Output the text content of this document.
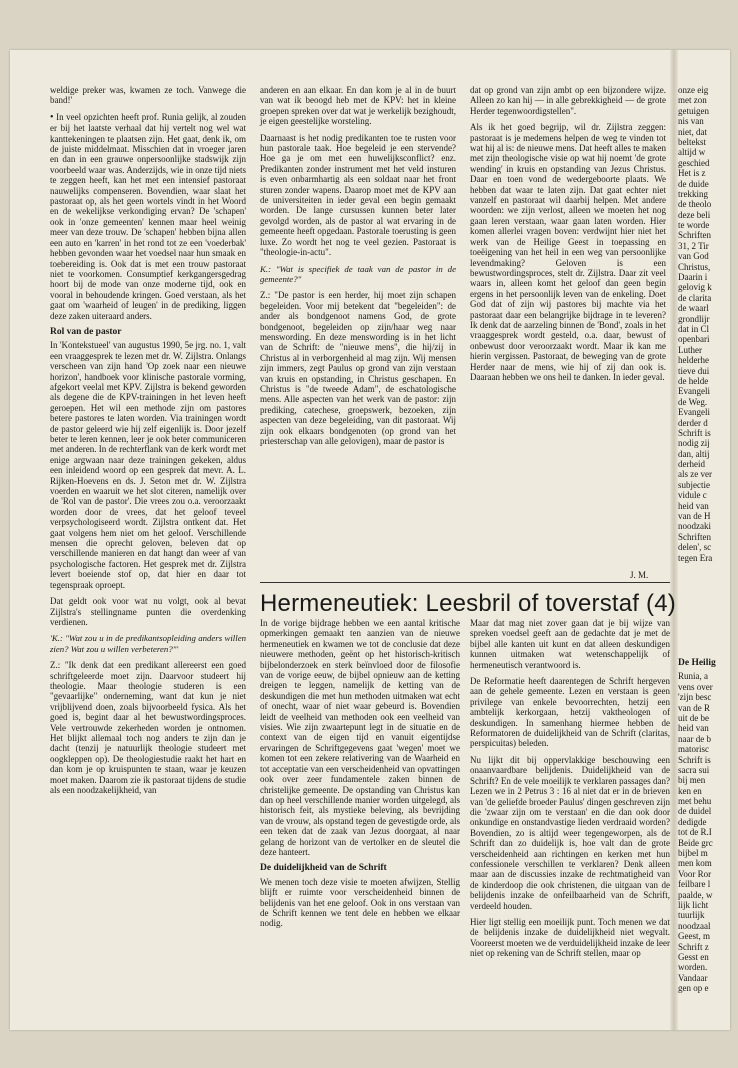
weldige preker was, kwamen ze toch. Vanwege die band!'

• In veel opzichten heeft prof. Runia gelijk, al zouden er bij het laatste verhaal dat hij vertelt nog wel wat kanttekeningen te plaatsen zijn. Het gaat, denk ik, om de juiste middelmaat. Misschien dat in vroeger jaren en dan in een grauwe onpersoonlijke stadswijk zijn voorbeeld waar was. Anderzijds, wie in onze tijd niets te zeggen heeft, kan het met een intensief pastoraat nauwelijks compenseren. Bovendien, waar slaat het pastoraat op, als het geen wortels vindt in het Woord en de wekelijkse verkondiging ervan? De 'schapen' ook in 'onze gemeenten' kennen maar heel weinig meer van deze trouw. De 'schapen' hebben bijna allen een auto en 'karren' in het rond tot ze een 'voederbak' hebben gevonden waar het voedsel naar hun smaak en toebereiding is. Ook dat is met een trouw pastoraat niet te voorkomen. Consumptief kerkgangersgedrag hoort bij de mode van onze moderne tijd, ook en vooral in behoudende kringen. Goed verstaan, als het gaat om 'waarheid of leugen' in de prediking, liggen deze zaken uiteraard anders.

Rol van de pastor

In 'Kontekstueel' van augustus 1990, 5e jrg. no. 1, valt een vraaggesprek te lezen met dr. W. Zijlstra. Onlangs verscheen van zijn hand 'Op zoek naar een nieuwe horizon', handboek voor klinische pastorale vorming, afgekort veelal met KPV. Zijlstra is bekend geworden als degene die de KPV-trainingen in het leven heeft geroepen. Het wil een methode zijn om pastores betere pastores te laten worden. Via trainingen wordt de pastor geleerd wie hij zelf eigenlijk is. Door jezelf beter te leren kennen, leer je ook beter communiceren met anderen. In de rechterflank van de kerk wordt met enige argwaan naar deze trainingen gekeken, aldus een inleidend woord op een gesprek dat mevr. A. L. Rijken-Hoevens en ds. J. Seton met dr. W. Zijlstra voerden en waaruit we het slot citeren, namelijk over de 'Rol van de pastor'. Die vrees zou o.a. veroorzaakt worden door de vrees, dat het geloof teveel verpsychologiseerd wordt. Zijlstra ontkent dat. Het gaat volgens hem niet om het geloof. Verschillende mensen die oprecht geloven, beleven dat op verschillende manieren en dat hangt dan weer af van psychologische factoren. Het gesprek met dr. Zijlstra levert boeiende stof op, dat hier en daar tot tegenspraak oproept.

Dat geldt ook voor wat nu volgt, ook al bevat Zijlstra's stellingname punten die overdenking verdienen.

'K.: "Wat zou u in de predikantsopleiding anders willen zien? Wat zou u willen verbeteren?"'

Z.: "Ik denk dat een predikant allereerst een goed schriftgeleerde moet zijn. Daarvoor studeert hij theologie. Maar theologie studeren is een "gevaarlijke" onderneming, want dat kun je niet vrijblijvend doen, zoals bijvoorbeeld fysica. Als het goed is, begint daar al het bewustwordingsproces. Vele vertrouwde zekerheden worden je ontnomen. Het blijkt allemaal toch nog anders te zijn dan je dacht (tenzij je natuurlijk theologie studeert met oogkleppen op). De theologiestudie raakt het hart en dan kom je op kruispunten te staan, waar je keuzen moet maken. Daarom zie ik pastoraat tijdens de studie als een noodzakelijkheid, van

anderen en aan elkaar. En dan kom je al in de buurt van wat ik beoogd heb met de KPV: het in kleine groepen spreken over dat wat je werkelijk bezighoudt, je eigen geestelijke worsteling.

Daarnaast is het nodig predikanten toe te rusten voor hun pastorale taak. Hoe begeleid je een stervende? Hoe ga je om met een huwelijksconflict? enz. Predikanten zonder instrument met het veld insturen is even onbarmhartig als een soldaat naar het front sturen zonder wapens. Daarop moet met de KPV aan de universiteiten in ieder geval een begin gemaakt worden. De lange cursussen kunnen beter later gevolgd worden, als de pastor al wat ervaring in de gemeente heeft opgedaan. Pastorale toerusting is geen luxe. Zo wordt het nog te veel gezien. Pastoraat is "theologie-in-actu".

K.: "Wat is specifiek de taak van de pastor in de gemeente?"

Z.: "De pastor is een herder, hij moet zijn schapen begeleiden. Voor mij betekent dat "begeleiden": de ander als bondgenoot namens God, de grote bondgenoot, begeleiden op zijn/haar weg naar menswording. En deze menswording is in het licht van de Schrift: de "nieuwe mens", die hij/zij in Christus al in verborgenheid al mag zijn. Wij mensen zijn immers, zegt Paulus op grond van zijn verstaan van kruis en opstanding, in Christus geschapen. En Christus is "de tweede Adam", de eschatologische mens. Alle aspecten van het werk van de pastor: zijn prediking, catechese, groepswerk, bezoeken, zijn aspecten van deze begeleiding, van dit pastoraat. Wij zijn ook elkaars bondgenoten (op grond van het priesterschap van alle gelovigen), maar de pastor is

dat op grond van zijn ambt op een bijzondere wijze. Alleen zo kan hij — in alle gebrekkigheid — de grote Herder tegenwoordigstellen".

Als ik het goed begrijp, wil dr. Zijlstra zeggen: pastoraat is je medemens helpen de weg te vinden tot wat hij al is: de nieuwe mens. Dat heeft alles te maken met zijn theologische visie op wat hij noemt 'de grote wending' in kruis en opstanding van Jezus Christus. Daar en toen vond de wedergeboorte plaats. We hebben dat waar te laten zijn. Dat gaat echter niet vanzelf en pastoraat wil daarbij helpen. Met andere woorden: we zijn verlost, alleen we moeten het nog gaan leren verstaan, waar gaan laten worden. Hier komen allerlei vragen boven: verdwijnt hier niet het werk van de Heilige Geest in toepassing en toeëigening van het heil in een weg van persoonlijke levendmaking? Geloven is een bewustwordingsproces, stelt dr. Zijlstra. Daar zit veel waars in, alleen komt het geloof dan geen begin ergens in het persoonlijk leven van de enkeling. Doet God dat of zijn wij pastores bij machte via het pastoraat daar een belangrijke bijdrage in te leveren? Ik denk dat de aarzeling binnen de 'Bond', zoals in het vraaggesprek wordt gesteld, o.a. daar, bewust of onbewust door veroorzaakt wordt. Maar ik kan me hierin vergissen. Pastoraat, de beweging van de grote Herder naar de mens, wie hij of zij dan ook is. Daaraan hebben we ons heil te danken. In ieder geval.

J. M.
Hermeneutiek: Leesbril of toverstaf (4)

In de vorige bijdrage hebben we een aantal kritische opmerkingen gemaakt ten aanzien van de nieuwe hermeneutiek en kwamen we tot de conclusie dat deze nieuwere methoden, geënt op het historisch-kritisch bijbelonderzoek en sterk beïnvloed door de filosofie van de vorige eeuw, de bijbel opnieuw aan de ketting dreigen te leggen, namelijk de ketting van de deskundigen die met hun methoden uitmaken wat echt of onecht, waar of niet waar gebeurd is. Bovendien leidt de veelheid van methoden ook een veelheid van visies. Wie zijn zwaartepunt legt in de situatie en de context van de eigen tijd en vanuit eigentijdse ervaringen de Schriftgegevens gaat 'wegen' moet we komen tot een zekere relativering van de Waarheid en tot acceptatie van een verscheidenheid van opvattingen ook over zeer fundamentele zaken binnen de christelijke gemeente. De opstanding van Christus kan dan op heel verschillende manier worden uitgelegd, als historisch feit, als mystieke beleving, als bevrijding van de vrouw, als opstand tegen de gevestigde orde, als een teken dat de zaak van Jezus doorgaat, al naar gelang de horizont van de vertolker en de sleutel die deze hanteert.

De duidelijkheid van de Schrift

We menen toch deze visie te moeten afwijzen, Stellig blijft er ruimte voor verscheidenheid binnen de belijdenis van het ene geloof. Ook in ons verstaan van de Schrift kennen we tent dele en hebben we elkaar nodig.

Maar dat mag niet zover gaan dat je bij wijze van spreken voedsel geeft aan de gedachte dat je met de bijbel alle kanten uit kunt en dat alleen deskundigen kunnen uitmaken wat wetenschappelijk of hermeneutisch verantwoord is.

De Reformatie heeft daarentegen de Schrift hergeven aan de gehele gemeente. Lezen en verstaan is geen privilege van enkele bevoorrechten, hetzij een ambtelijk kerkorgaan, hetzij vaktheologen of deskundigen. In samenhang hiermee hebben de Reformatoren de duidelijkheid van de Schrift (claritas, perspicuitas) beleden.

Nu lijkt dit bij oppervlakkige beschouwing een onaanvaardbare belijdenis. Duidelijkheid van de Schrift? En de vele moeilijk te verklaren passages dan? Lezen we in 2 Petrus 3 : 16 al niet dat er in de brieven van 'de geliefde broeder Paulus' dingen geschreven zijn die 'zwaar zijn om te verstaan' en die dan ook door onkundige en onstandvastige lieden verdraaid worden? Bovendien, zo is altijd weer tegengeworpen, als de Schrift dan zo duidelijk is, hoe valt dan de grote verscheidenheid aan richtingen en kerken met hun confessionele verschillen te verklaren? Denk alleen maar aan de discussies inzake de rechtmatigheid van de kinderdoop die ook christenen, die uitgaan van de belijdenis inzake de onfeilbaarheid van de Schrift, verdeeld houden.

Hier ligt stellig een moeilijk punt. Toch menen we dat de belijdenis inzake de duidelijkheid niet wegvalt. Vooreerst moeten we de verduidelijkheid inzake de leer niet op rekening van de Schrift stellen, maar op

onze eig
met zon
getuigen
nis van
niet, dat
beltekst
altijd w
geschied
Het is z
de duide
trekking
de theolo
deze beli
te worde
Schriften
31, 2 Tir
van God
Christus,
Daarin i
gelovig k
de clarita
de waarl
grondlijr
dat in Cl
openbari
Luther
helderhe
tieve dui
de helde
Evangeli
de Weg.
Evangeli
derder d
Schrift is
nodig zij
dan, altij
derheid
als ze ver
subjectie
vidule c
heid van
van de H
noodzaki
Schriften
delen', sc
tegen Era
De Heilig
Runia, a
vens over
'zijn besc
van de R
uit de be
heid van
naar de b
matorisc
Schrift is
sacra sui
bij men
ken en
met behu
de duidel
dedigde
tot de R.I
Beide grc
bijbel m
men kom
Voor Ror
feilbare l
paalde, w
lijk licht
tuurlijk
noodzaal
Geest, m
Schrift z
Gesst en
worden.
Vandaar
gen op e
